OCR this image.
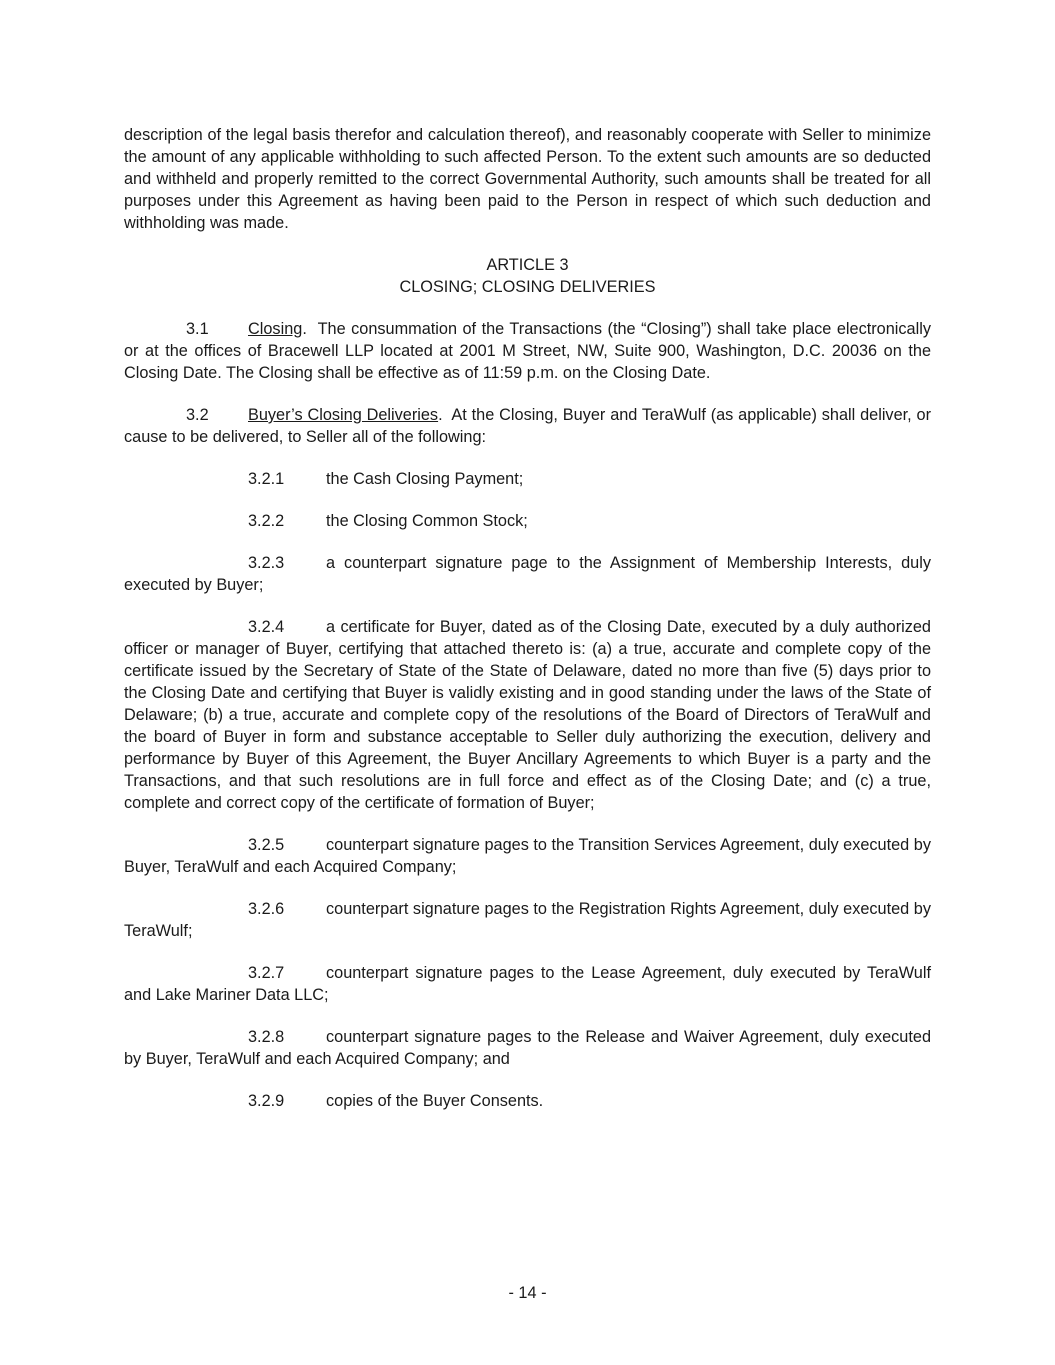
description of the legal basis therefor and calculation thereof), and reasonably cooperate with Seller to minimize the amount of any applicable withholding to such affected Person. To the extent such amounts are so deducted and withheld and properly remitted to the correct Governmental Authority, such amounts shall be treated for all purposes under this Agreement as having been paid to the Person in respect of which such deduction and withholding was made.

ARTICLE 3
CLOSING; CLOSING DELIVERIES

3.1 Closing. The consummation of the Transactions (the “Closing”) shall take place electronically or at the offices of Bracewell LLP located at 2001 M Street, NW, Suite 900, Washington, D.C. 20036 on the Closing Date. The Closing shall be effective as of 11:59 p.m. on the Closing Date.

3.2 Buyer’s Closing Deliveries. At the Closing, Buyer and TeraWulf (as applicable) shall deliver, or cause to be delivered, to Seller all of the following:

3.2.1	the Cash Closing Payment;

3.2.2	the Closing Common Stock;

3.2.3	a counterpart signature page to the Assignment of Membership Interests, duly executed by Buyer;

3.2.4	a certificate for Buyer, dated as of the Closing Date, executed by a duly authorized officer or manager of Buyer, certifying that attached thereto is: (a) a true, accurate and complete copy of the certificate issued by the Secretary of State of the State of Delaware, dated no more than five (5) days prior to the Closing Date and certifying that Buyer is validly existing and in good standing under the laws of the State of Delaware; (b) a true, accurate and complete copy of the resolutions of the Board of Directors of TeraWulf and the board of Buyer in form and substance acceptable to Seller duly authorizing the execution, delivery and performance by Buyer of this Agreement, the Buyer Ancillary Agreements to which Buyer is a party and the Transactions, and that such resolutions are in full force and effect as of the Closing Date; and (c) a true, complete and correct copy of the certificate of formation of Buyer;

3.2.5	counterpart signature pages to the Transition Services Agreement, duly executed by Buyer, TeraWulf and each Acquired Company;

3.2.6	counterpart signature pages to the Registration Rights Agreement, duly executed by TeraWulf;

3.2.7	counterpart signature pages to the Lease Agreement, duly executed by TeraWulf and Lake Mariner Data LLC;

3.2.8	counterpart signature pages to the Release and Waiver Agreement, duly executed by Buyer, TeraWulf and each Acquired Company; and

3.2.9	copies of the Buyer Consents.

- 14 -
